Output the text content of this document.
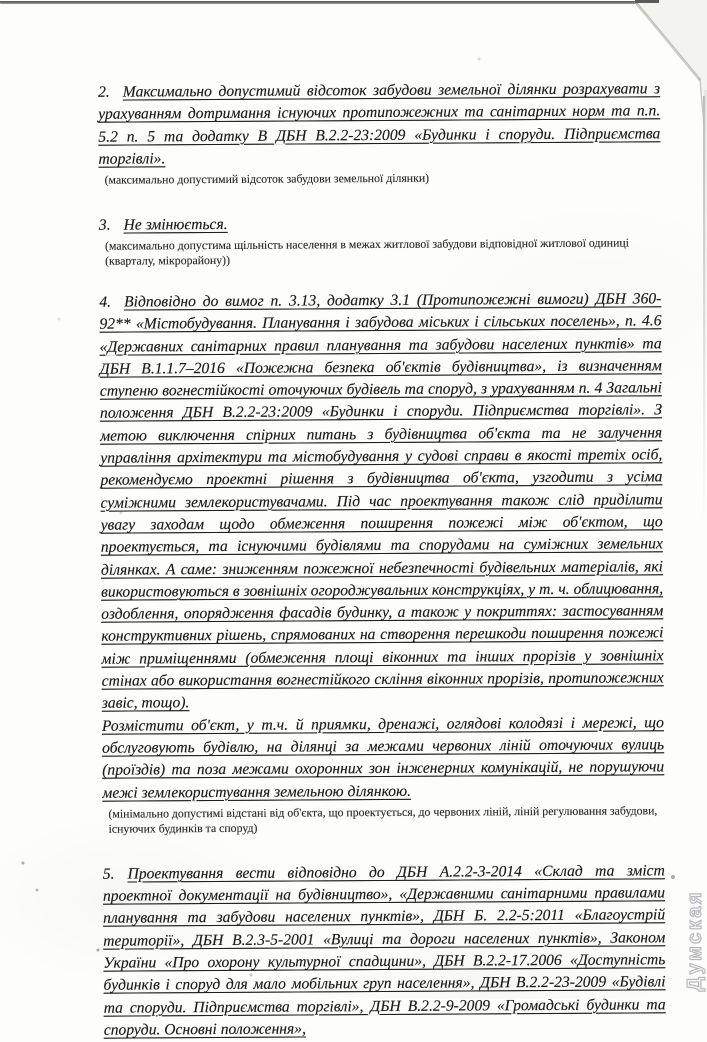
2. Максимально допустимий відсоток забудови земельної ділянки розрахувати з урахуванням дотримання існуючих протипожежних та санітарних норм та п.п. 5.2 п. 5 та додатку В ДБН В.2.2-23:2009 «Будинки і споруди. Підприємства торгівлі».

(максимально допустимий відсоток забудови земельної ділянки)

3. Не змінюється.

(максимально допустима щільність населення в межах житлової забудови відповідної житлової одиниці (кварталу, мікрорайону))

4. Відповідно до вимог п. 3.13, додатку 3.1 (Протипожежні вимоги) ДБН 360-92** «Містобудування. Планування і забудова міських і сільських поселень», п. 4.6 «Державних санітарних правил планування та забудови населених пунктів» та ДБН В.1.1.7–2016 «Пожежна безпека об'єктів будівництва», із визначенням ступеню вогнестійкості оточуючих будівель та споруд, з урахуванням п. 4 Загальні положення ДБН В.2.2-23:2009 «Будинки і споруди. Підприємства торгівлі». З метою виключення спірних питань з будівництва об'єкта та не залучення управління архітектури та містобудування у судові справи в якості третіх осіб, рекомендуємо проектні рішення з будівництва об'єкта, узгодити з усіма суміжними землекористувачами. Під час проектування також слід приділити увагу заходам щодо обмеження поширення пожежі між об'єктом, що проектується, та існуючими будівлями та спорудами на суміжних земельних ділянках. А саме: зниженням пожежної небезпечності будівельних матеріалів, які використовуються в зовнішніх огороджувальних конструкціях, у т. ч. облицювання, оздоблення, опорядження фасадів будинку, а також у покриттях: застосуванням конструктивних рішень, спрямованих на створення перешкоди поширення пожежі між приміщеннями (обмеження площі віконних та інших прорізів у зовнішніх стінах або використання вогнестійкого скління віконних прорізів, протипожежних завіс, тощо).

Розмістити об'єкт, у т.ч. й приямки, дренажі, оглядові колодязі і мережі, що обслуговують будівлю, на ділянці за межами червоних ліній оточуючих вулиць (проїздів) та поза межами охоронних зон інженерних комунікацій, не порушуючи межі землекористування земельною ділянкою.

(мінімально допустимі відстані від об'єкта, що проектується, до червоних ліній, ліній регулювання забудови, існуючих будинків та споруд)

5. Проектування вести відповідно до ДБН А.2.2-3-2014 «Склад та зміст проектної документації на будівництво», «Державними санітарними правилами планування та забудови населених пунктів», ДБН Б. 2.2-5:2011 «Благоустрій території», ДБН В.2.3-5-2001 «Вулиці та дороги населених пунктів», Законом України «Про охорону культурної спадщини», ДБН В.2.2-17.2006 «Доступність будинків і споруд для мало мобільних груп населення», ДБН В.2.2-23-2009 «Будівлі та споруди. Підприємства торгівлі», ДБН В.2.2-9-2009 «Громадські будинки та споруди. Основні положення»,

Думская
